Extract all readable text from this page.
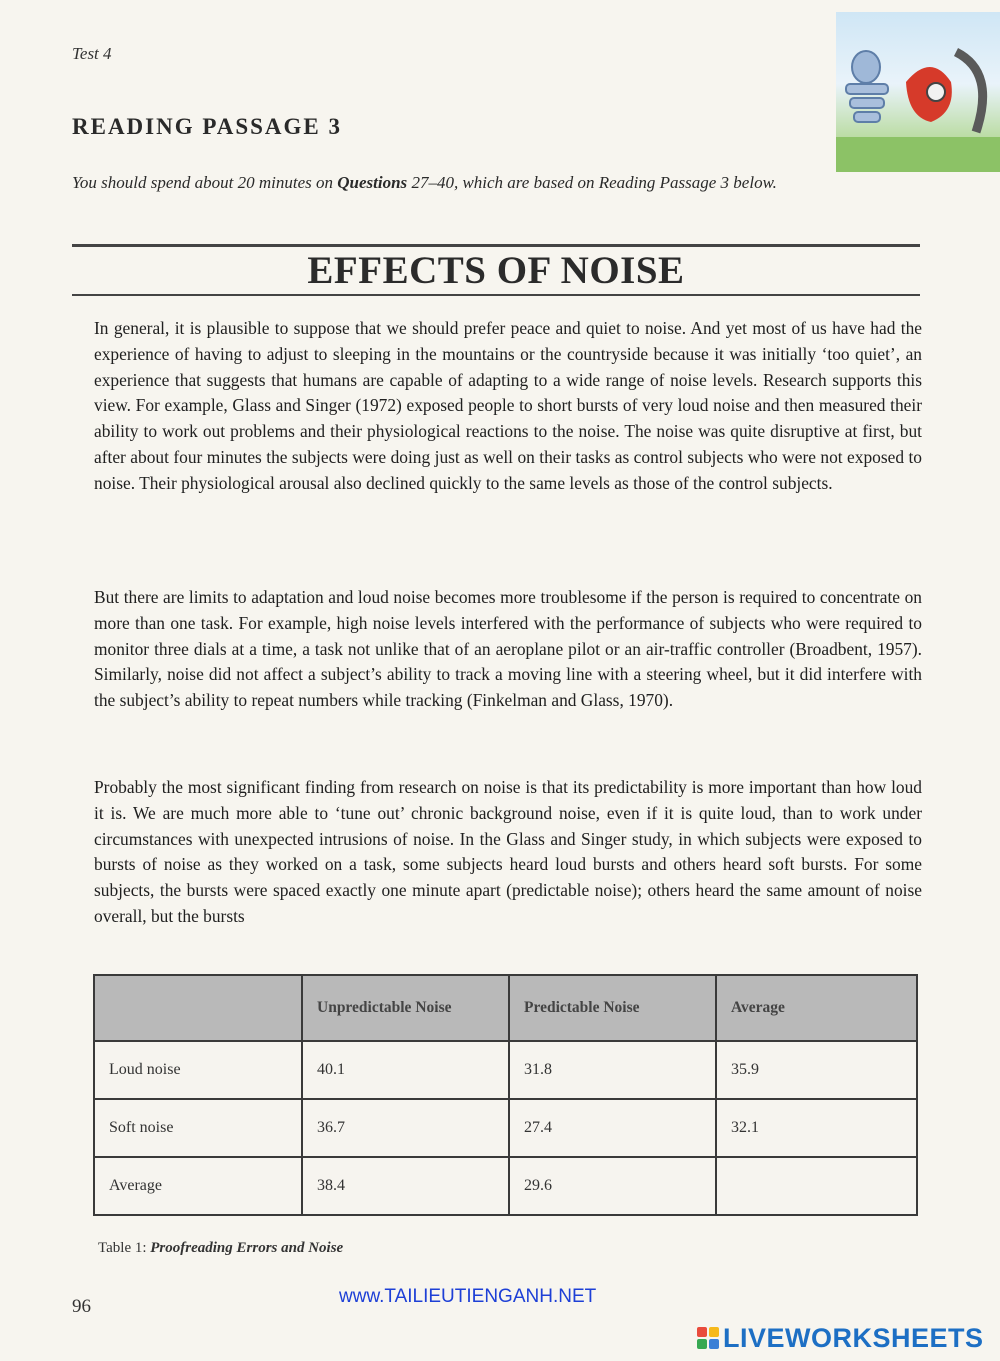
Test 4
READING PASSAGE 3
You should spend about 20 minutes on Questions 27–40, which are based on Reading Passage 3 below.
EFFECTS OF NOISE

In general, it is plausible to suppose that we should prefer peace and quiet to noise. And yet most of us have had the experience of having to adjust to sleeping in the mountains or the countryside because it was initially ‘too quiet’, an experience that suggests that humans are capable of adapting to a wide range of noise levels. Research supports this view. For example, Glass and Singer (1972) exposed people to short bursts of very loud noise and then measured their ability to work out problems and their physiological reactions to the noise. The noise was quite disruptive at first, but after about four minutes the subjects were doing just as well on their tasks as control subjects who were not exposed to noise. Their physiological arousal also declined quickly to the same levels as those of the control subjects.

But there are limits to adaptation and loud noise becomes more troublesome if the person is required to concentrate on more than one task. For example, high noise levels interfered with the performance of subjects who were required to monitor three dials at a time, a task not unlike that of an aeroplane pilot or an air-traffic controller (Broadbent, 1957). Similarly, noise did not affect a subject’s ability to track a moving line with a steering wheel, but it did interfere with the subject’s ability to repeat numbers while tracking (Finkelman and Glass, 1970).

Probably the most significant finding from research on noise is that its predictability is more important than how loud it is. We are much more able to ‘tune out’ chronic background noise, even if it is quite loud, than to work under circumstances with unexpected intrusions of noise. In the Glass and Singer study, in which subjects were exposed to bursts of noise as they worked on a task, some subjects heard loud bursts and others heard soft bursts. For some subjects, the bursts were spaced exactly one minute apart (predictable noise); others heard the same amount of noise overall, but the bursts

	Unpredictable Noise	Predictable Noise	Average
Loud noise	40.1	31.8	35.9
Soft noise	36.7	27.4	32.1
Average	38.4	29.6	
Table 1: Proofreading Errors and Noise
96	www.TAILIEUTIENGANH.NET
LIVEWORKSHEETS
